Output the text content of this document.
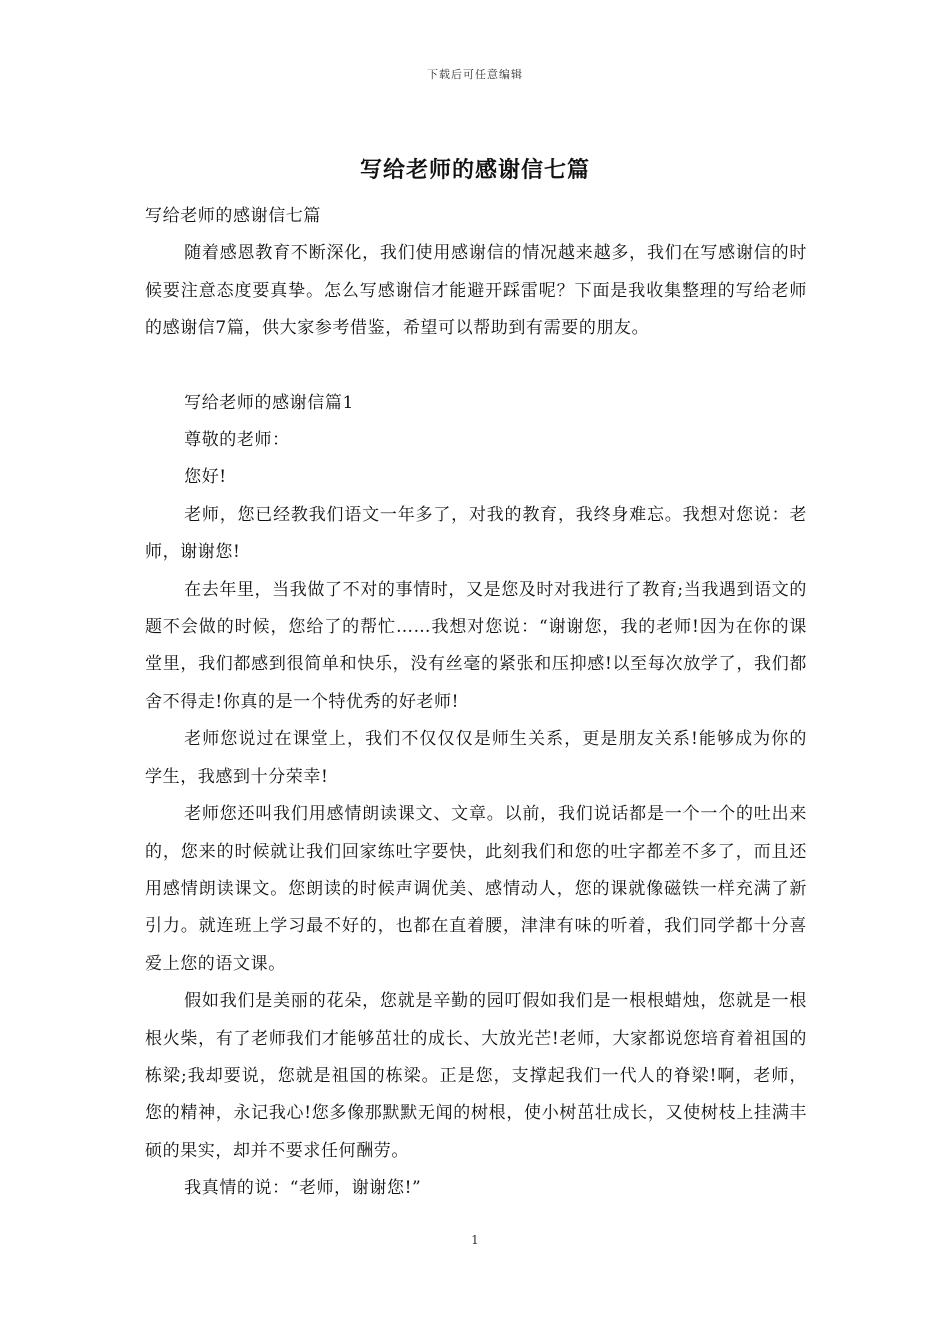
下载后可任意编辑
写给老师的感谢信七篇

写给老师的感谢信七篇

随着感恩教育不断深化，我们使用感谢信的情况越来越多，我们在写感谢信的时候要注意态度要真挚。怎么写感谢信才能避开踩雷呢？下面是我收集整理的写给老师的感谢信7篇，供大家参考借鉴，希望可以帮助到有需要的朋友。

写给老师的感谢信篇1

尊敬的老师：

您好!

老师，您已经教我们语文一年多了，对我的教育，我终身难忘。我想对您说：老师，谢谢您!

在去年里，当我做了不对的事情时，又是您及时对我进行了教育;当我遇到语文的题不会做的时候，您给了的帮忙……我想对您说：“谢谢您，我的老师!因为在你的课堂里，我们都感到很简单和快乐，没有丝毫的紧张和压抑感!以至每次放学了，我们都舍不得走!你真的是一个特优秀的好老师!

老师您说过在课堂上，我们不仅仅仅是师生关系，更是朋友关系!能够成为你的学生，我感到十分荣幸!

老师您还叫我们用感情朗读课文、文章。以前，我们说话都是一个一个的吐出来的，您来的时候就让我们回家练吐字要快，此刻我们和您的吐字都差不多了，而且还用感情朗读课文。您朗读的时候声调优美、感情动人，您的课就像磁铁一样充满了新引力。就连班上学习最不好的，也都在直着腰，津津有味的听着，我们同学都十分喜爱上您的语文课。

假如我们是美丽的花朵，您就是辛勤的园叮假如我们是一根根蜡烛，您就是一根根火柴，有了老师我们才能够茁壮的成长、大放光芒!老师，大家都说您培育着祖国的栋梁;我却要说，您就是祖国的栋梁。正是您，支撑起我们一代人的脊梁!啊，老师，您的精神，永记我心!您多像那默默无闻的树根，使小树茁壮成长，又使树枝上挂满丰硕的果实，却并不要求任何酬劳。

我真情的说：“老师，谢谢您!”

1
